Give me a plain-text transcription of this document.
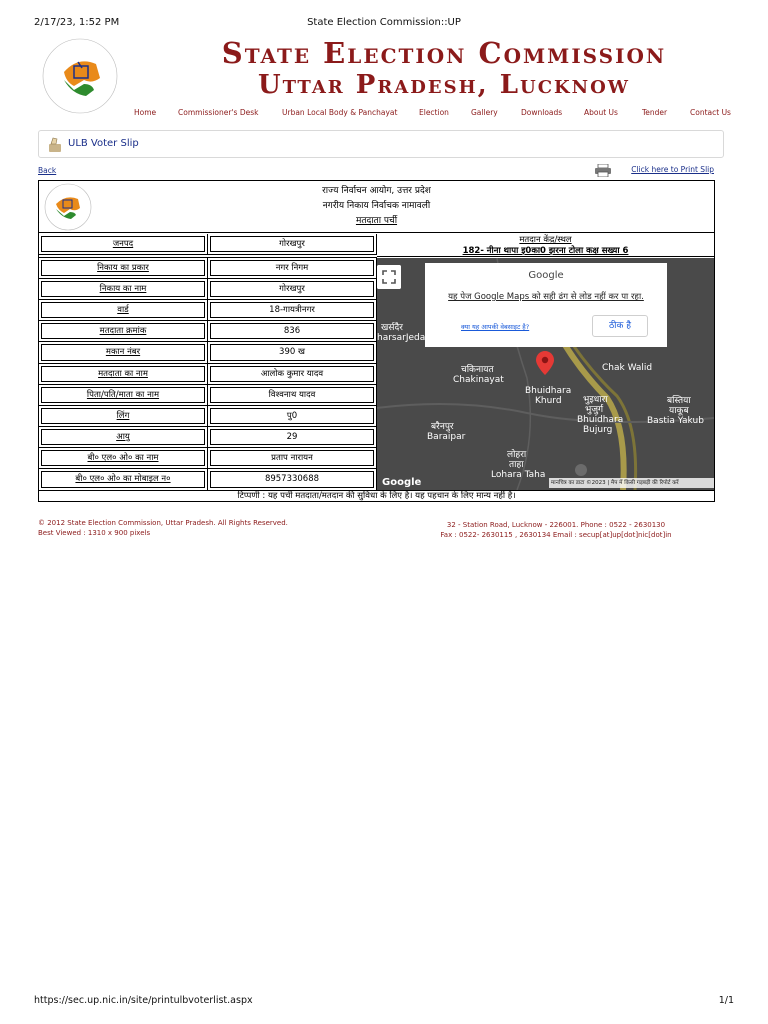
2/17/23, 1:52 PM	State Election Commission::UP
State Election Commission
Uttar Pradesh, Lucknow
Home	Commissioner's Desk	Urban Local Body & Panchayat	Election	Gallery	Downloads	About Us	Tender	Contact Us
ULB Voter Slip
Back	Click here to Print Slip
राज्य निर्वाचन आयोग, उत्तर प्रदेश
नगरीय निकाय निर्वाचक नामावली
मतदाता पर्ची
मतदान केंद्र/स्थल
182- नीना थापा इ0का0 झरना टोला कक्ष सख्या 6
जनपद	गोरखपुर
निकाय का प्रकार	नगर निगम
निकाय का नाम	गोरखपुर
वार्ड	18-गायत्रीनगर
मतदाता क्रमांक	836
मकान नंबर	390 ख
मतदाता का नाम	आलोक कुमार यादव
पिता/पति/माता का नाम	विश्वनाथ यादव
लिंग	पु0
आयु	29
बी० एल० ओ० का नाम	प्रताप नारायन
बी० एल० ओ० का मोबाइल न०	8957330688
खर्सदैर
harsarJeda
चकिनायत
Chakinayat
Chak Walid
Bhuidhara
Khurd भुइधारा
भुजुर्ग
Bhuidhara
Bujurg
बस्तिया
याकूब
Bastia Yakub
बरैनपुर
Baraipar
लोहरा
ताहा
Lohara Taha
Google
यह पेज Google Maps को सही ढंग से लोड नहीं कर पा रहा.
क्या यह आपकी वेबसाइट है?	ठीक है
Google	मानचित्र का डाटा ©2023 | मैप में किसी गड़बड़ी की रिपोर्ट करें
टिप्पणी : यह पर्ची मतदाता/मतदान की सुविधा के लिए है। यह पहचान के लिए मान्य नहीं है।
© 2012 State Election Commission, Uttar Pradesh. All Rights Reserved.
Best Viewed : 1310 x 900 pixels
32 - Station Road, Lucknow - 226001. Phone : 0522 - 2630130
Fax : 0522- 2630115 , 2630134 Email : secup[at]up[dot]nic[dot]in
https://sec.up.nic.in/site/printulbvoterlist.aspx	1/1
